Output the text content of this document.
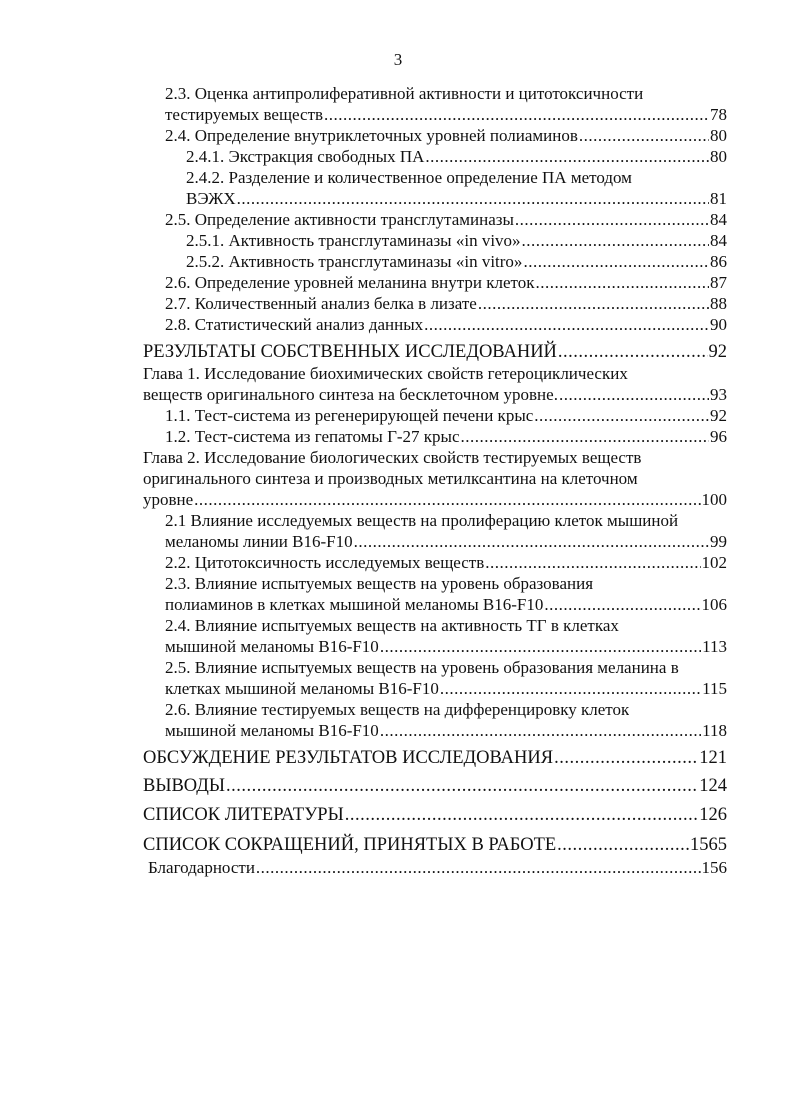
3
2.3. Оценка антипролиферативной активности и цитотоксичности
тестируемых веществ .....	78
2.4. Определение внутриклеточных уровней полиаминов .....	80
2.4.1. Экстракция свободных ПА .....	80
2.4.2. Разделение и количественное определение ПА методом
ВЭЖХ .....	81
2.5. Определение активности трансглутаминазы .....	84
2.5.1. Активность трансглутаминазы «in vivo» .....	84
2.5.2. Активность трансглутаминазы «in vitro» .....	86
2.6. Определение уровней меланина внутри клеток .....	87
2.7. Количественный анализ белка в лизате .....	88
2.8. Статистический анализ данных .....	90
РЕЗУЛЬТАТЫ СОБСТВЕННЫХ ИССЛЕДОВАНИЙ .....	92
Глава 1. Исследование биохимических свойств гетероциклических
веществ оригинального синтеза на бесклеточном уровне. .....	93
1.1. Тест-система из регенерирующей печени крыс .....	92
1.2. Тест-система из гепатомы Г-27 крыс .....	96
Глава 2. Исследование биологических свойств тестируемых веществ
оригинального синтеза и производных метилксантина на клеточном
уровне .....	100
2.1 Влияние исследуемых веществ на пролиферацию клеток мышиной
меланомы линии B16-F10 .....	99
2.2. Цитотоксичность исследуемых веществ .....	102
2.3. Влияние испытуемых веществ на уровень образования
полиаминов в клетках мышиной меланомы B16-F10 .....	106
2.4. Влияние испытуемых веществ на активность ТГ в клетках
мышиной меланомы B16-F10 .....	113
2.5. Влияние испытуемых веществ на уровень образования меланина в
клетках мышиной меланомы B16-F10 .....	115
2.6. Влияние тестируемых веществ на дифференцировку клеток
мышиной меланомы B16-F10 .....	118
ОБСУЖДЕНИЕ РЕЗУЛЬТАТОВ ИССЛЕДОВАНИЯ .....	121
ВЫВОДЫ .....	124
СПИСОК ЛИТЕРАТУРЫ .....	126
СПИСОК СОКРАЩЕНИЙ, ПРИНЯТЫХ В РАБОТЕ .....	1565
Благодарности .....	156
